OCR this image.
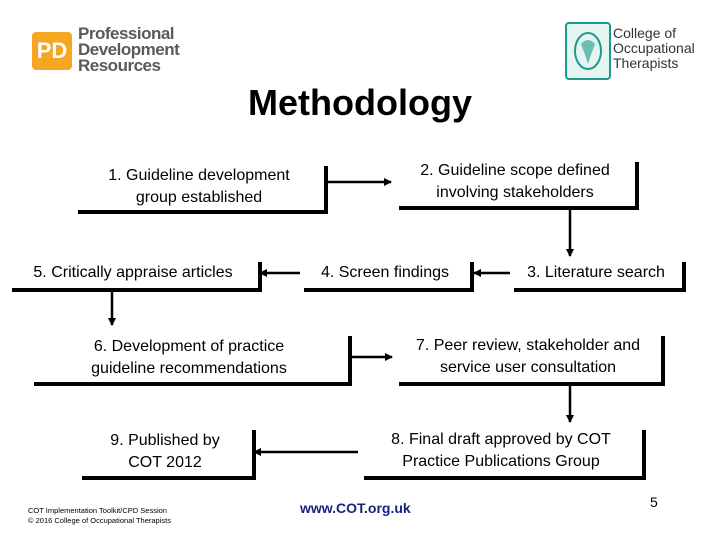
PD
Professional
Development
Resources
College of
Occupational
Therapists
Methodology
1. Guideline development
group established
2. Guideline scope defined
involving stakeholders
3. Literature search
4. Screen findings
5. Critically appraise articles
6. Development of practice
guideline recommendations
7. Peer review, stakeholder and
service user consultation
8. Final draft approved by COT
Practice Publications Group
9. Published by
COT 2012
COT Implementation Toolkit/CPD Session
© 2016 College of Occupational Therapists
www.COT.org.uk	5
